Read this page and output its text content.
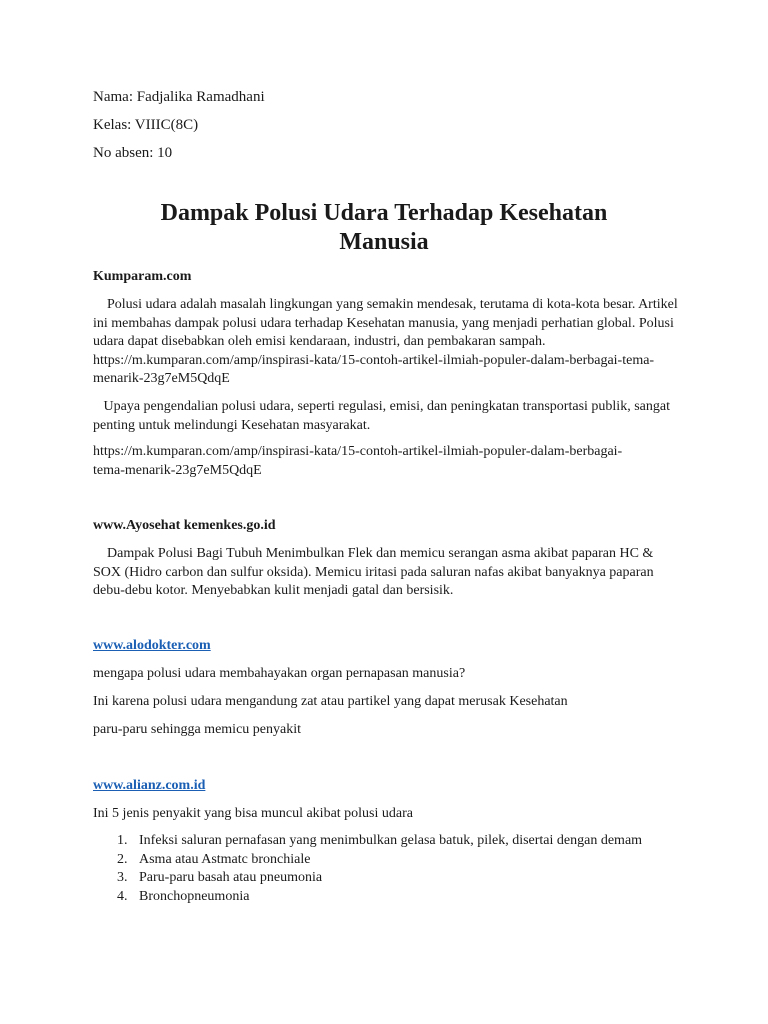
Nama: Fadjalika Ramadhani
Kelas: VIIIC(8C)
No absen: 10
Dampak Polusi Udara Terhadap Kesehatan
Manusia
Kumparam.com
Polusi udara adalah masalah lingkungan yang semakin mendesak, terutama di kota-kota besar. Artikel ini membahas dampak polusi udara terhadap Kesehatan manusia, yang menjadi perhatian global. Polusi udara dapat disebabkan oleh emisi kendaraan, industri, dan pembakaran sampah. https://m.kumparan.com/amp/inspirasi-kata/15-contoh-artikel-ilmiah-populer-dalam-berbagai-tema-menarik-23g7eM5QdqE
Upaya pengendalian polusi udara, seperti regulasi, emisi, dan peningkatan transportasi publik, sangat penting untuk melindungi Kesehatan masyarakat.
https://m.kumparan.com/amp/inspirasi-kata/15-contoh-artikel-ilmiah-populer-dalam-berbagai-tema-menarik-23g7eM5QdqE
www.Ayosehat kemenkes.go.id
Dampak Polusi Bagi Tubuh Menimbulkan Flek dan memicu serangan asma akibat paparan HC & SOX (Hidro carbon dan sulfur oksida). Memicu iritasi pada saluran nafas akibat banyaknya paparan debu-debu kotor. Menyebabkan kulit menjadi gatal dan bersisik.
www.alodokter.com
mengapa polusi udara membahayakan organ pernapasan manusia?
Ini karena polusi udara mengandung zat atau partikel yang dapat merusak Kesehatan
paru-paru sehingga memicu penyakit
www.alianz.com.id
Ini 5 jenis penyakit yang bisa muncul akibat polusi udara
1. Infeksi saluran pernafasan yang menimbulkan gelasa batuk, pilek, disertai dengan demam
2. Asma atau Astmatc bronchiale
3. Paru-paru basah atau pneumonia
4. Bronchopneumonia
